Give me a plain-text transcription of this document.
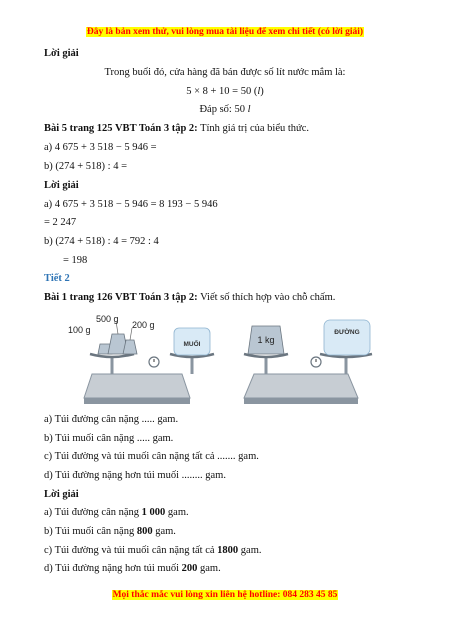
Đây là bản xem thử, vui lòng mua tài liệu để xem chi tiết (có lời giải)
Lời giải
Trong buổi đó, cửa hàng đã bán được số lít nước mắm là:
5 × 8 + 10 = 50 (l)
Đáp số: 50 l
Bài 5 trang 125 VBT Toán 3 tập 2: Tính giá trị của biểu thức.
a) 4 675 + 3 518 − 5 946 =
b) (274 + 518) : 4 =
Lời giải
a) 4 675 + 3 518 − 5 946 = 8 193 − 5 946
= 2 247
b) (274 + 518) : 4 = 792 : 4
= 198
Tiết 2
Bài 1 trang 126 VBT Toán 3 tập 2: Viết số thích hợp vào chỗ chấm.
500 g
200 g
100 g
MUỐI	1 kg
ĐƯỜNG
a) Túi đường cân nặng ..... gam.
b) Túi muối cân nặng ..... gam.
c) Túi đường và túi muối cân nặng tất cả ....... gam.
d) Túi đường nặng hơn túi muối ........ gam.
Lời giải
a) Túi đường cân nặng 1 000 gam.
b) Túi muối cân nặng 800 gam.
c) Túi đường và túi muối cân nặng tất cả 1800 gam.
d) Túi đường nặng hơn túi muối 200 gam.
Mọi thắc mắc vui lòng xin liên hệ hotline: 084 283 45 85
